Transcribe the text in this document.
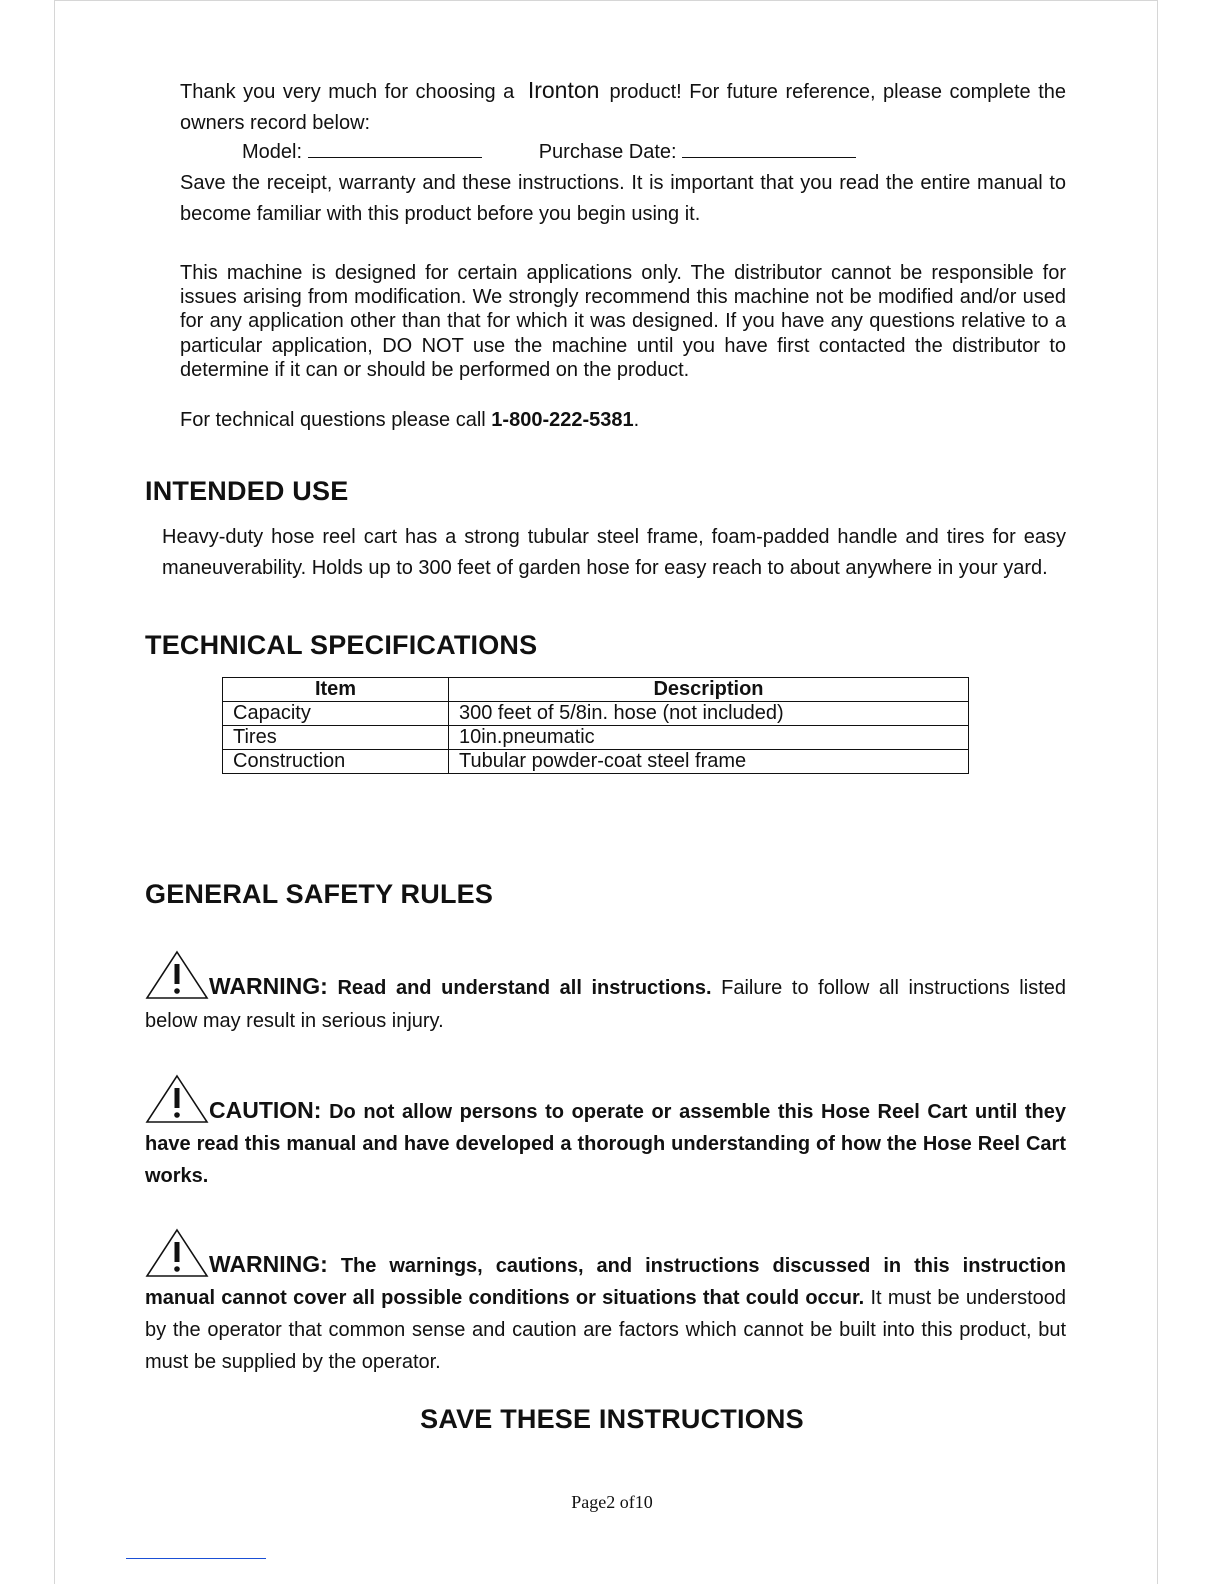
Thank you very much for choosing a Ironton product! For future reference, please complete the owners record below:
Model:	Purchase Date:
Save the receipt, warranty and these instructions. It is important that you read the entire manual to become familiar with this product before you begin using it.
This machine is designed for certain applications only. The distributor cannot be responsible for issues arising from modification. We strongly recommend this machine not be modified and/or used for any application other than that for which it was designed. If you have any questions relative to a particular application, DO NOT use the machine until you have first contacted the distributor to determine if it can or should be performed on the product.
For technical questions please call 1-800-222-5381.
INTENDED USE
Heavy-duty hose reel cart has a strong tubular steel frame, foam-padded handle and tires for easy maneuverability. Holds up to 300 feet of garden hose for easy reach to about anywhere in your yard.
TECHNICAL SPECIFICATIONS
Item	Description
Capacity	300 feet of 5/8in. hose (not included)
Tires	10in.pneumatic
Construction	Tubular powder-coat steel frame
GENERAL SAFETY RULES
WARNING: Read and understand all instructions. Failure to follow all instructions listed below may result in serious injury.
CAUTION: Do not allow persons to operate or assemble this Hose Reel Cart until they have read this manual and have developed a thorough understanding of how the Hose Reel Cart works.
WARNING: The warnings, cautions, and instructions discussed in this instruction manual cannot cover all possible conditions or situations that could occur. It must be understood by the operator that common sense and caution are factors which cannot be built into this product, but must be supplied by the operator.
SAVE THESE INSTRUCTIONS
Page2 of10
